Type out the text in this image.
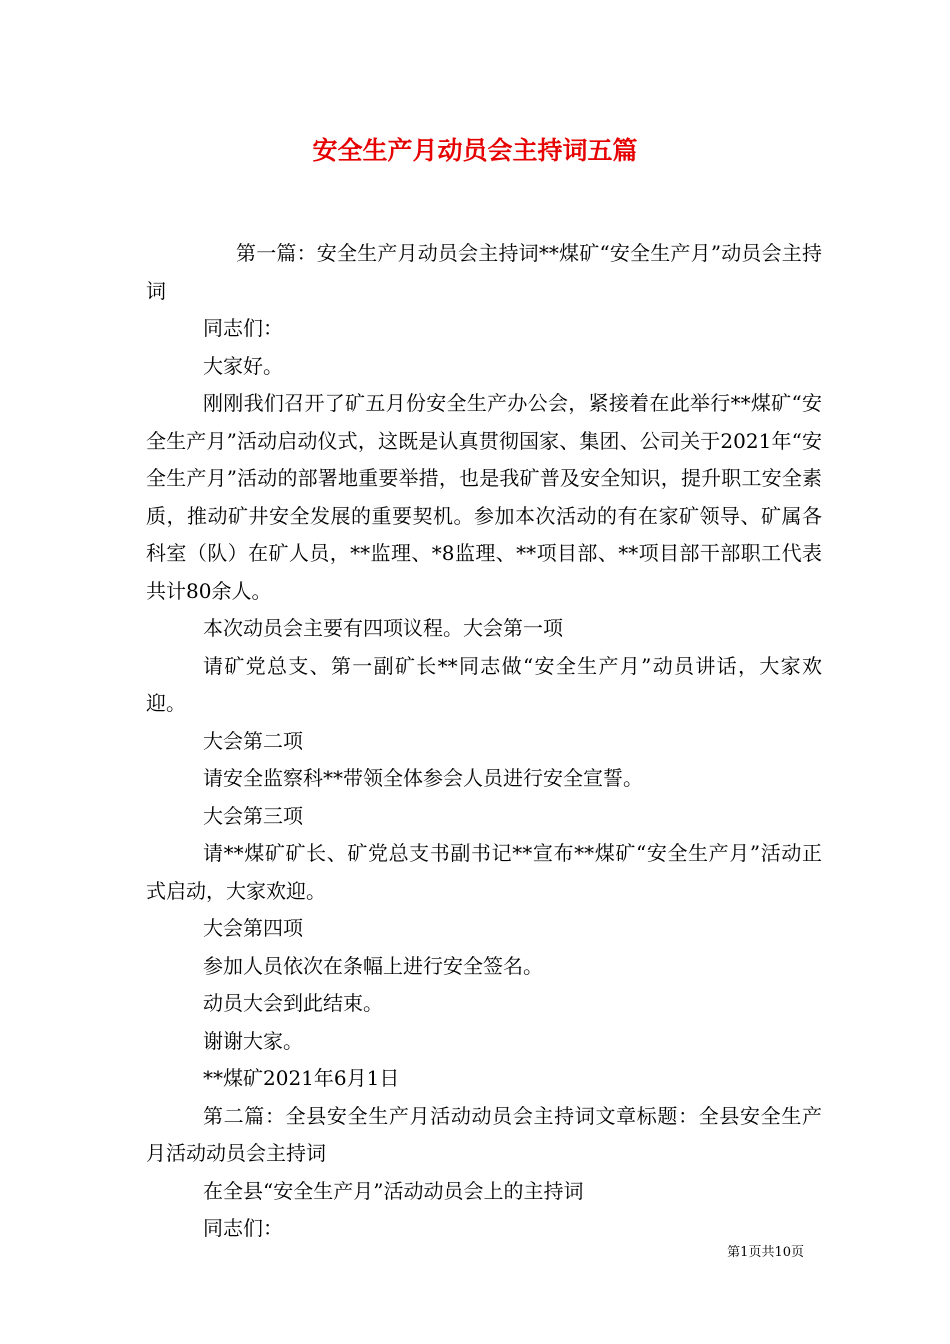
安全生产月动员会主持词五篇

第一篇：安全生产月动员会主持词**煤矿“安全生产月”动员会主持词

同志们：

大家好。

刚刚我们召开了矿五月份安全生产办公会，紧接着在此举行**煤矿“安全生产月”活动启动仪式，这既是认真贯彻国家、集团、公司关于2021年“安全生产月”活动的部署地重要举措，也是我矿普及安全知识，提升职工安全素质，推动矿井安全发展的重要契机。参加本次活动的有在家矿领导、矿属各科室（队）在矿人员，**监理、*8监理、**项目部、**项目部干部职工代表共计80余人。

本次动员会主要有四项议程。大会第一项

请矿党总支、第一副矿长**同志做“安全生产月”动员讲话，大家欢迎。

大会第二项

请安全监察科**带领全体参会人员进行安全宣誓。

大会第三项

请**煤矿矿长、矿党总支书副书记**宣布**煤矿“安全生产月”活动正式启动，大家欢迎。

大会第四项

参加人员依次在条幅上进行安全签名。

动员大会到此结束。

谢谢大家。

**煤矿2021年6月1日

第二篇：全县安全生产月活动动员会主持词文章标题：全县安全生产月活动动员会主持词

在全县“安全生产月”活动动员会上的主持词

同志们：

第1页共10页
